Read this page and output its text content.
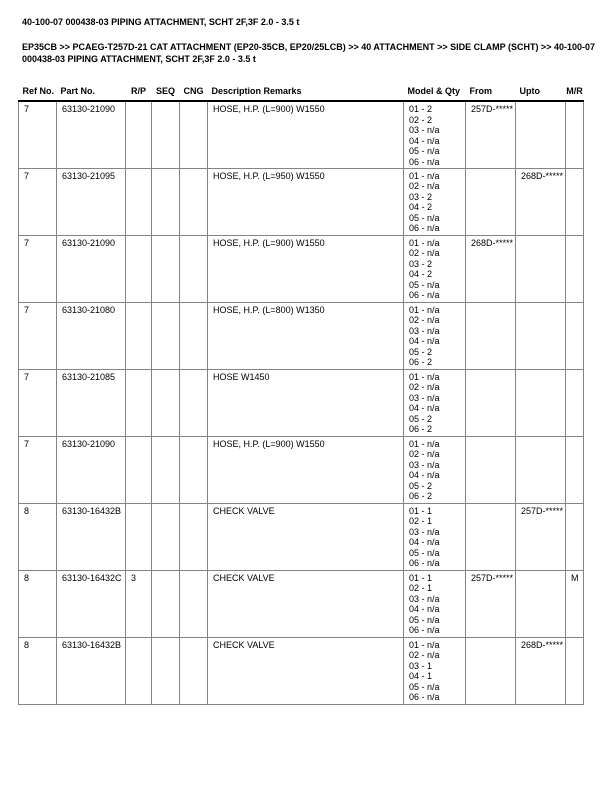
40-100-07 000438-03 PIPING ATTACHMENT, SCHT 2F,3F 2.0 - 3.5 t
EP35CB >> PCAEG-T257D-21 CAT ATTACHMENT (EP20-35CB, EP20/25LCB) >> 40 ATTACHMENT >> SIDE CLAMP (SCHT) >> 40-100-07 000438-03 PIPING ATTACHMENT, SCHT 2F,3F 2.0 - 3.5 t
Ref No.	Part No.	R/P	SEQ	CNG	Description Remarks	Model & Qty	From	Upto	M/R
7	63130-21090				HOSE, H.P. (L=900) W1550	01 - 2
02 - 2
03 - n/a
04 - n/a
05 - n/a
06 - n/a
	257D-*****		
7	63130-21095				HOSE, H.P. (L=950) W1550	01 - n/a
02 - n/a
03 - 2
04 - 2
05 - n/a
06 - n/a
		268D-*****	
7	63130-21090				HOSE, H.P. (L=900) W1550	01 - n/a
02 - n/a
03 - 2
04 - 2
05 - n/a
06 - n/a
	268D-*****		
7	63130-21080				HOSE, H.P. (L=800) W1350	01 - n/a
02 - n/a
03 - n/a
04 - n/a
05 - 2
06 - 2

7	63130-21085				HOSE W1450	01 - n/a
02 - n/a
03 - n/a
04 - n/a
05 - 2
06 - 2

7	63130-21090				HOSE, H.P. (L=900) W1550	01 - n/a
02 - n/a
03 - n/a
04 - n/a
05 - 2
06 - 2

8	63130-16432B				CHECK VALVE	01 - 1
02 - 1
03 - n/a
04 - n/a
05 - n/a
06 - n/a
		257D-*****	
8	63130-16432C	3			CHECK VALVE	01 - 1
02 - 1
03 - n/a
04 - n/a
05 - n/a
06 - n/a
	257D-*****		M
8	63130-16432B				CHECK VALVE	01 - n/a
02 - n/a
03 - 1
04 - 1
05 - n/a
06 - n/a
		268D-*****	
